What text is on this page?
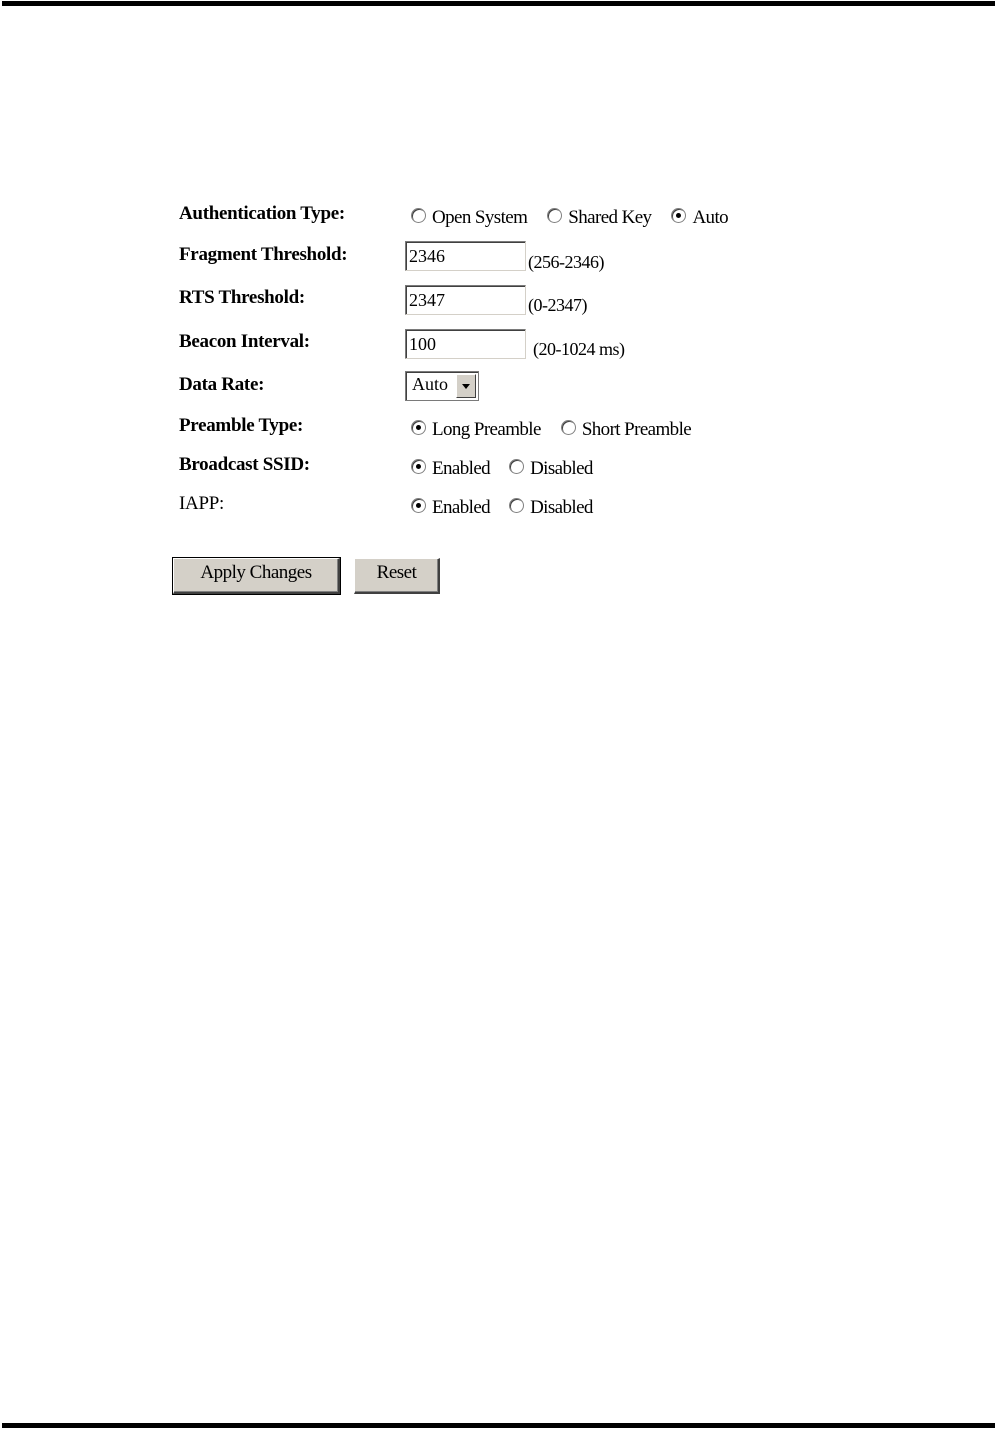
Authentication Type:	Open System Shared Key Auto
Fragment Threshold:
2346	(256-2346)
RTS Threshold:
2347	(0-2347)
Beacon Interval:
100	(20-1024 ms)
Data Rate:	Auto
Preamble Type:	Long Preamble Short Preamble
Broadcast SSID:	Enabled Disabled
IAPP:	Enabled Disabled
Apply Changes	Reset
